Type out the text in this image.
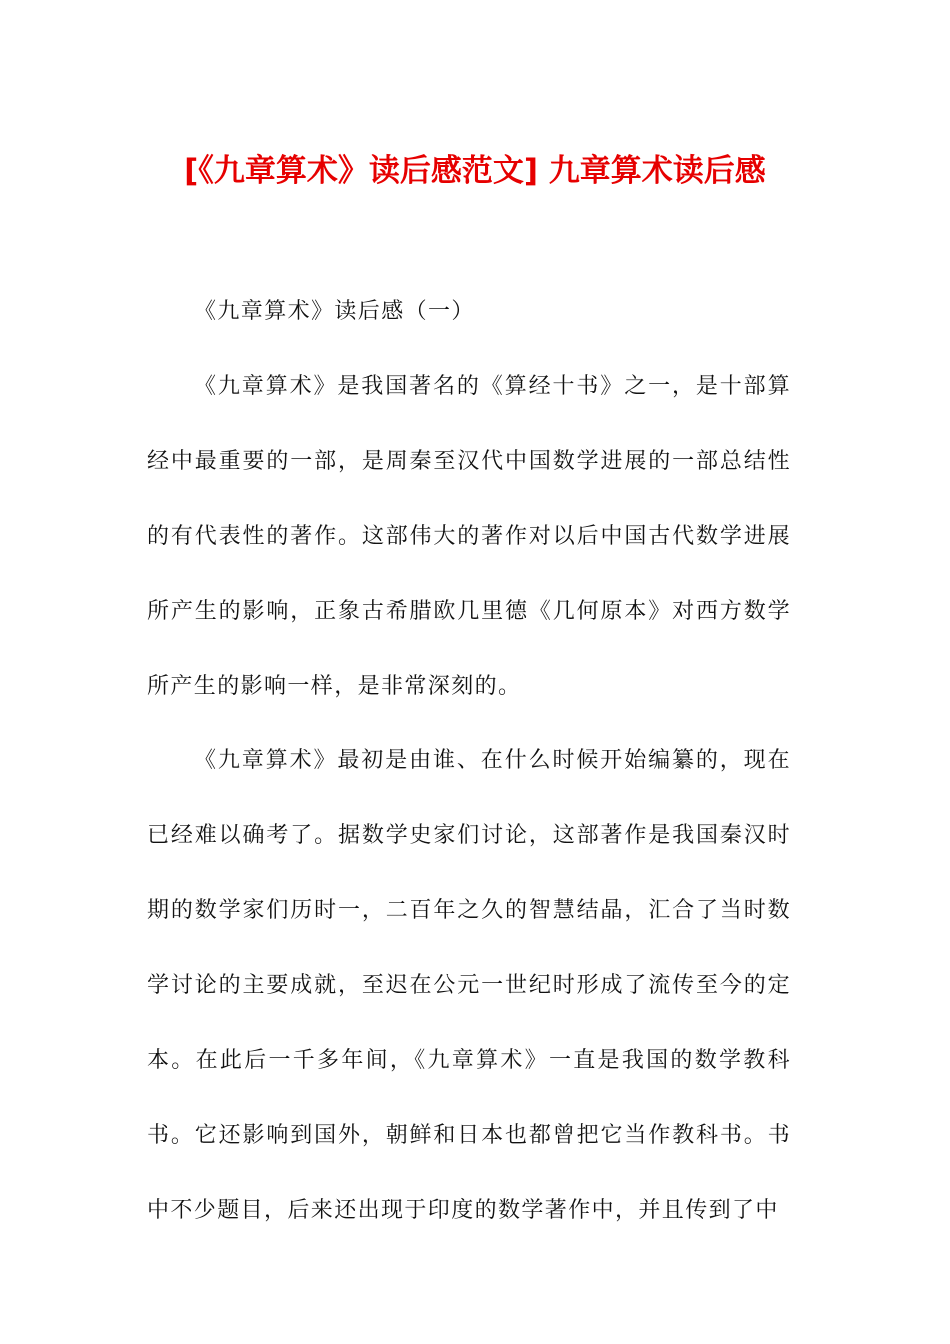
[《九章算术》读后感范文] 九章算术读后感

《九章算术》读后感（一）

《九章算术》是我国著名的《算经十书》之一，是十部算经中最重要的一部，是周秦至汉代中国数学进展的一部总结性的有代表性的著作。这部伟大的著作对以后中国古代数学进展所产生的影响，正象古希腊欧几里德《几何原本》对西方数学所产生的影响一样，是非常深刻的。

《九章算术》最初是由谁、在什么时候开始编纂的，现在已经难以确考了。据数学史家们讨论，这部著作是我国秦汉时期的数学家们历时一，二百年之久的智慧结晶，汇合了当时数学讨论的主要成就，至迟在公元一世纪时形成了流传至今的定本。在此后一千多年间，《九章算术》一直是我国的数学教科书。它还影响到国外，朝鲜和日本也都曾把它当作教科书。书中不少题目，后来还出现于印度的数学著作中，并且传到了中
